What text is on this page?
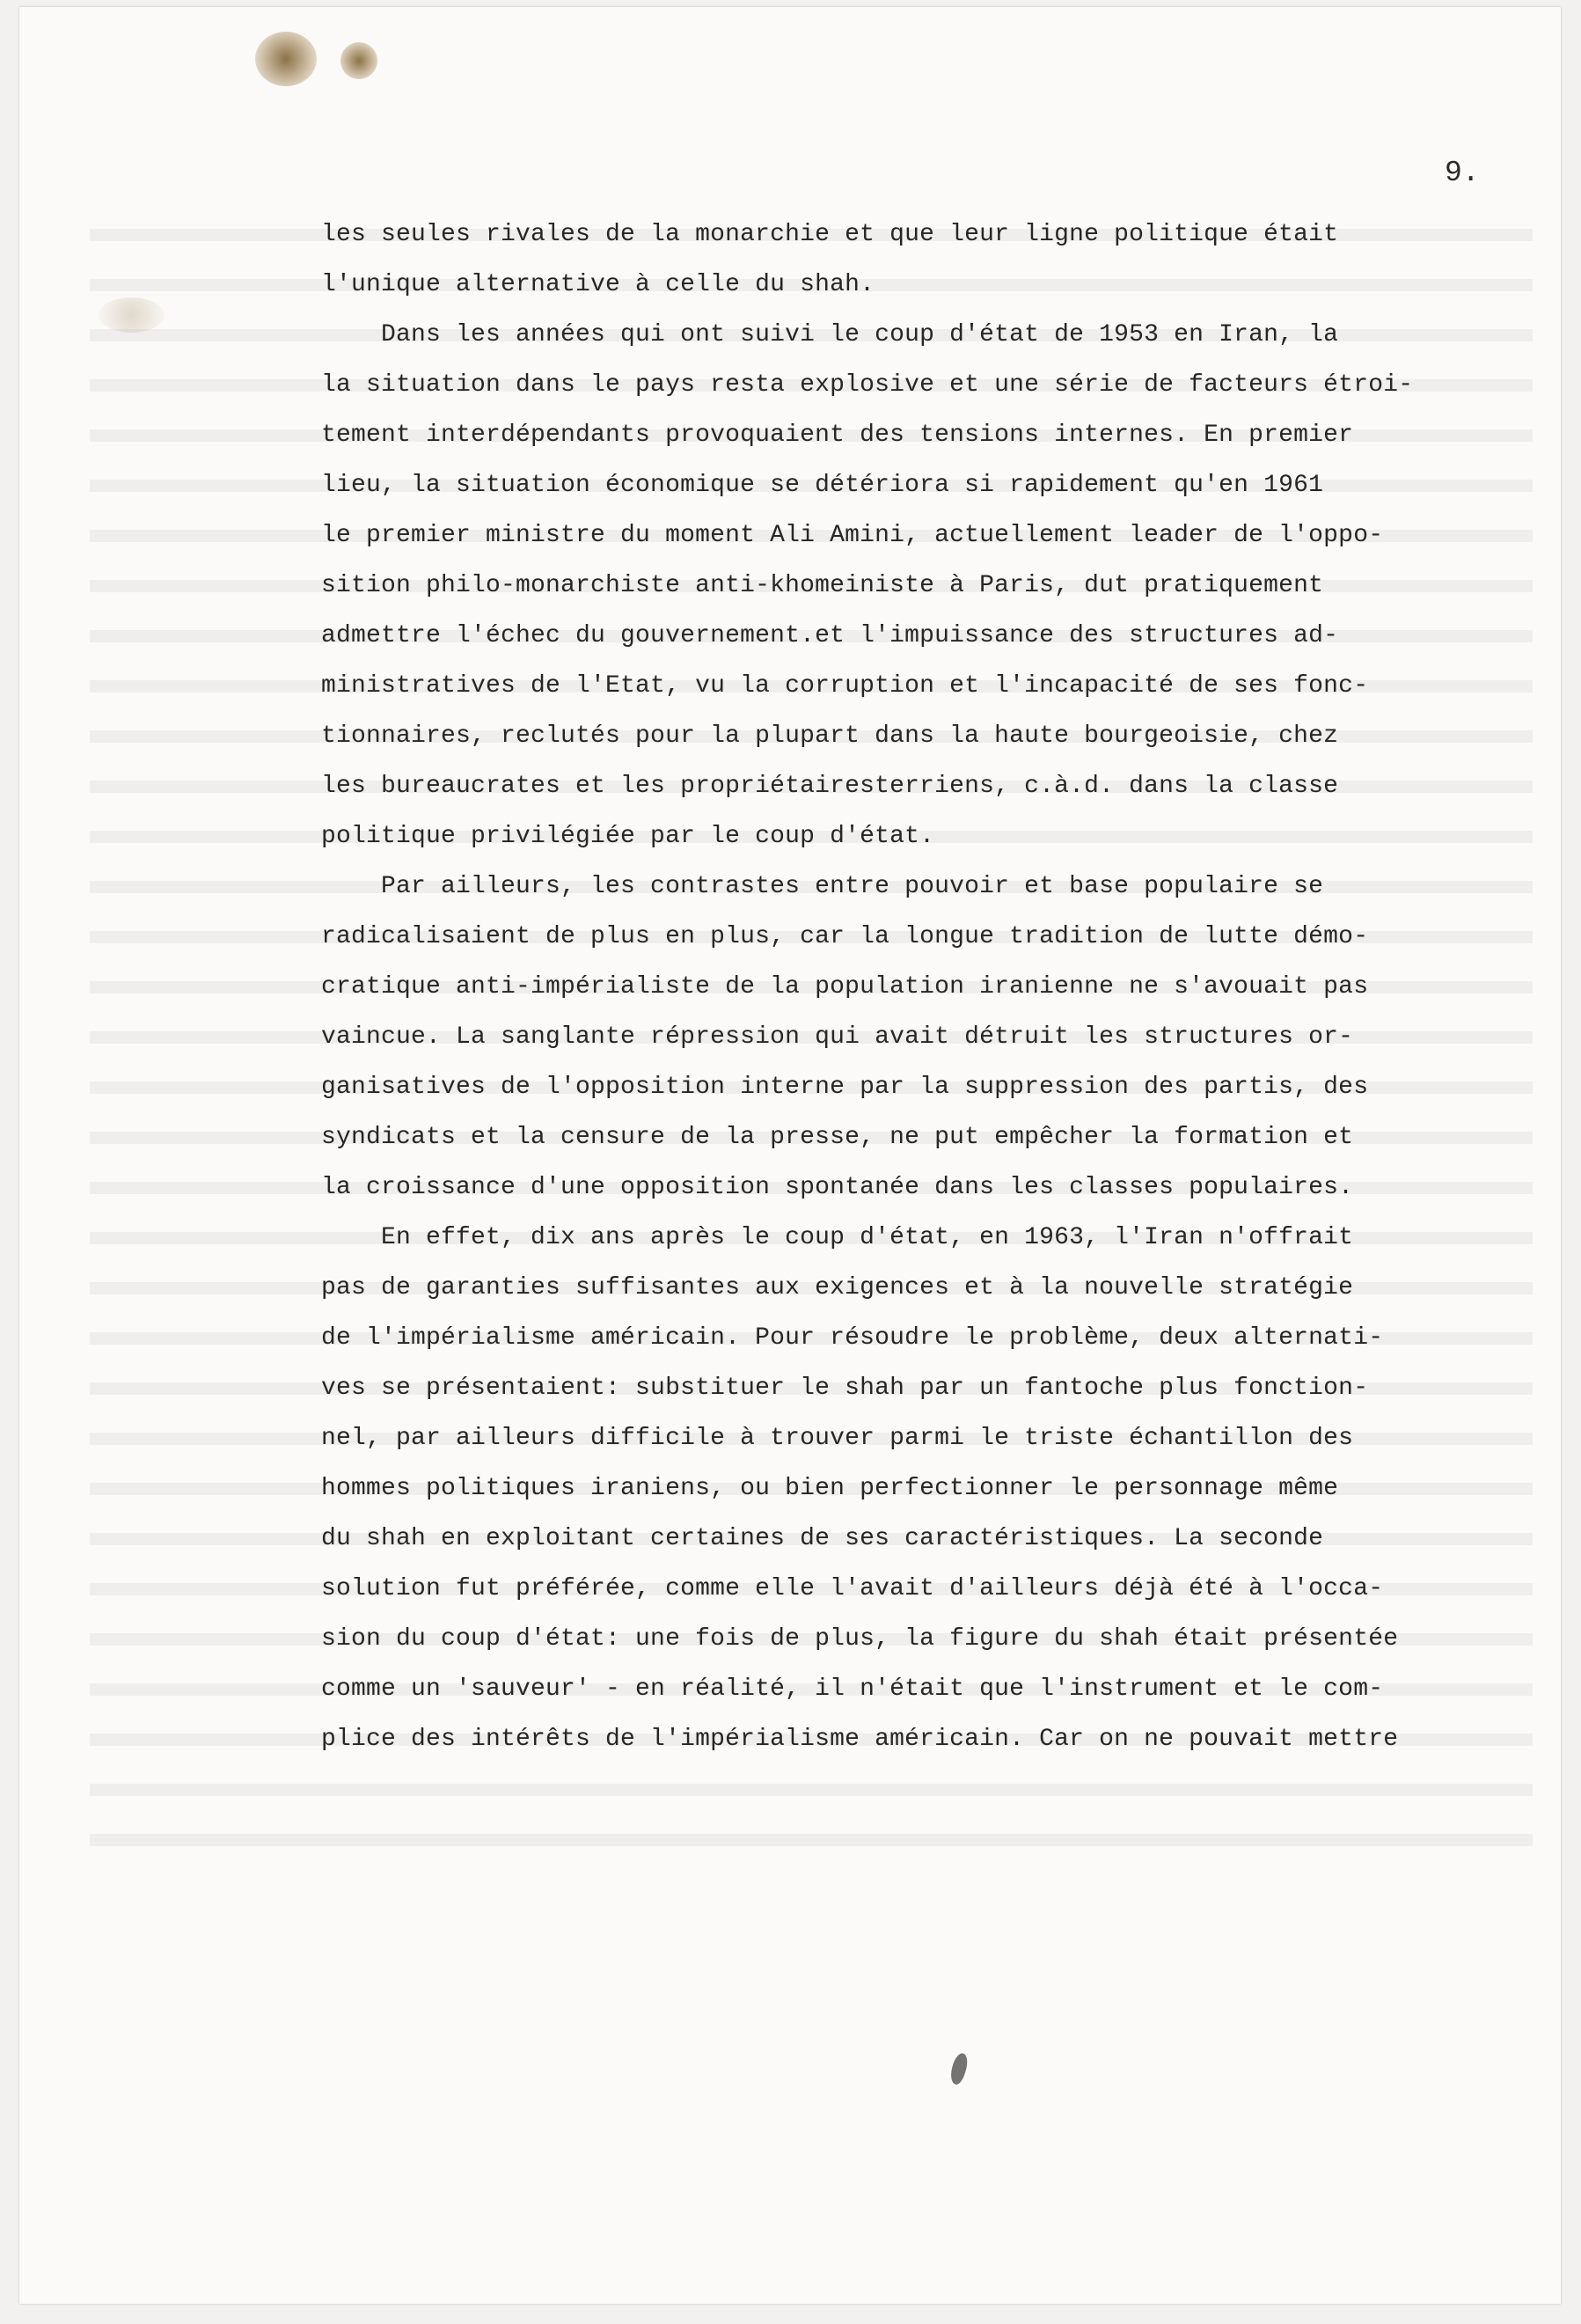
9.
les seules rivales de la monarchie et que leur ligne politique était
l'unique alternative à celle du shah.
Dans les années qui ont suivi le coup d'état de 1953 en Iran, la
la situation dans le pays resta explosive et une série de facteurs étroi-
tement interdépendants provoquaient des tensions internes. En premier
lieu, la situation économique se détériora si rapidement qu'en 1961
le premier ministre du moment Ali Amini, actuellement leader de l'oppo-
sition philo-monarchiste anti-khomeiniste à Paris, dut pratiquement
admettre l'échec du gouvernement.et l'impuissance des structures ad-
ministratives de l'Etat, vu la corruption et l'incapacité de ses fonc-
tionnaires, reclutés pour la plupart dans la haute bourgeoisie, chez
les bureaucrates et les propriétairesterriens, c.à.d. dans la classe
politique privilégiée par le coup d'état.
Par ailleurs, les contrastes entre pouvoir et base populaire se
radicalisaient de plus en plus, car la longue tradition de lutte démo-
cratique anti-impérialiste de la population iranienne ne s'avouait pas
vaincue. La sanglante répression qui avait détruit les structures or-
ganisatives de l'opposition interne par la suppression des partis, des
syndicats et la censure de la presse, ne put empêcher la formation et
la croissance d'une opposition spontanée dans les classes populaires.
En effet, dix ans après le coup d'état, en 1963, l'Iran n'offrait
pas de garanties suffisantes aux exigences et à la nouvelle stratégie
de l'impérialisme américain. Pour résoudre le problème, deux alternati-
ves se présentaient: substituer le shah par un fantoche plus fonction-
nel, par ailleurs difficile à trouver parmi le triste échantillon des
hommes politiques iraniens, ou bien perfectionner le personnage même
du shah en exploitant certaines de ses caractéristiques. La seconde
solution fut préférée, comme elle l'avait d'ailleurs déjà été à l'occa-
sion du coup d'état: une fois de plus, la figure du shah était présentée
comme un 'sauveur' - en réalité, il n'était que l'instrument et le com-
plice des intérêts de l'impérialisme américain. Car on ne pouvait mettre
